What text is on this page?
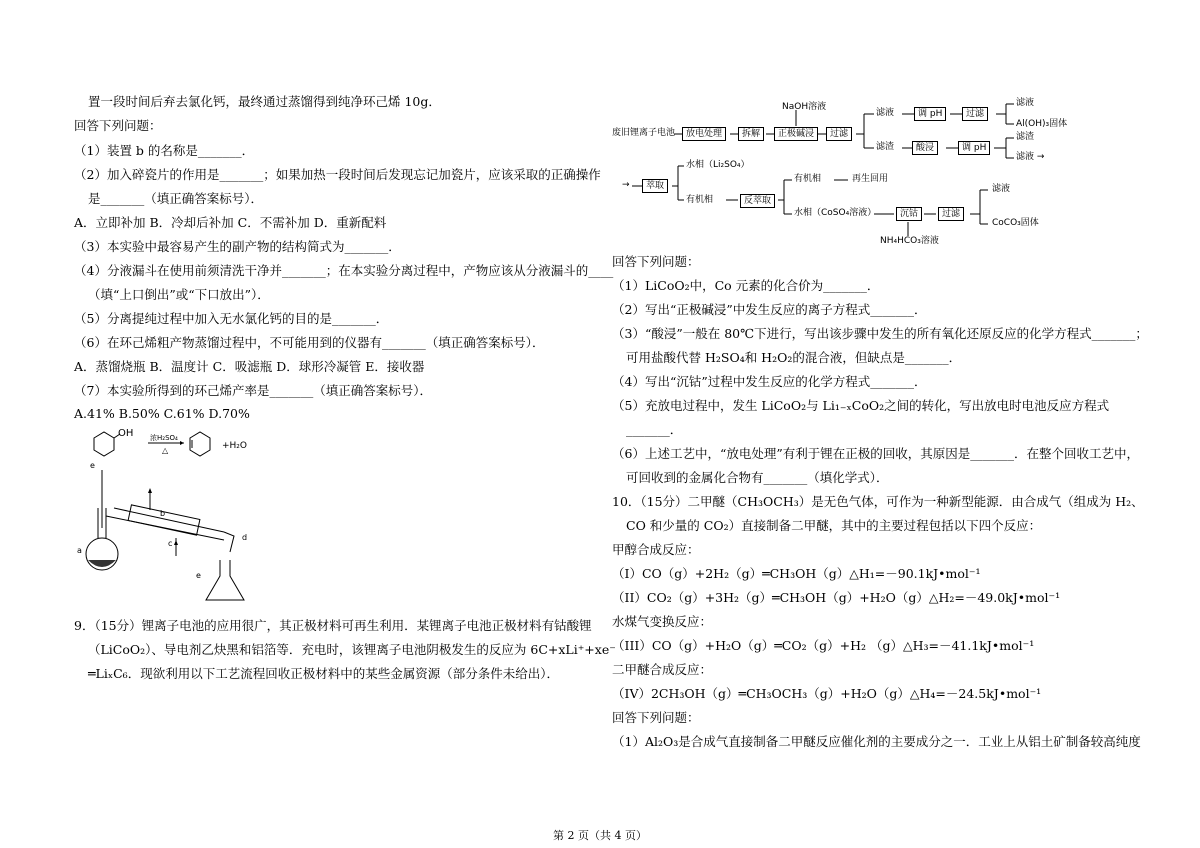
置一段时间后弃去氯化钙，最终通过蒸馏得到纯净环己烯 10g．
回答下列问题：
（1）装置 b 的名称是_______．
（2）加入碎瓷片的作用是_______；如果加热一段时间后发现忘记加瓷片，应该采取的正确操作
是_______（填正确答案标号）．
A．立即补加 B．冷却后补加 C．不需补加 D．重新配料
（3）本实验中最容易产生的副产物的结构简式为_______．
（4）分液漏斗在使用前须清洗干净并_______；在本实验分离过程中，产物应该从分液漏斗的____
（填“上口倒出”或“下口放出”）．
（5）分离提纯过程中加入无水氯化钙的目的是_______．
（6）在环己烯粗产物蒸馏过程中，不可能用到的仪器有_______（填正确答案标号）．
A．蒸馏烧瓶 B．温度计 C．吸滤瓶 D．球形冷凝管 E．接收器
（7）本实验所得到的环己烯产率是_______（填正确答案标号）．
A.41% B.50% C.61% D.70%
OH 浓H₂SO₄
△	+H₂O
a
e
b
c
d
e
9．（15分）锂离子电池的应用很广，其正极材料可再生利用．某锂离子电池正极材料有钴酸锂
（LiCoO₂）、导电剂乙炔黑和铝箔等．充电时，该锂离子电池阴极发生的反应为 6C+xLi⁺+xe⁻
═LiₓC₆．现欲利用以下工艺流程回收正极材料中的某些金属资源（部分条件未给出）．
NaOH溶液
废旧锂离子电池	放电处理	拆解	正极碱浸	过滤
滤液	调 pH	过滤
滤液
Al(OH)₃固体
滤渣	酸浸	调 pH
滤渣
滤液 →
→	萃取
水相（Li₂SO₄）
有机相	反萃取
有机相	再生回用
水相（CoSO₄溶液）	沉钴	过滤
滤液
CoCO₃固体
NH₄HCO₃溶液
回答下列问题：
（1）LiCoO₂中，Co 元素的化合价为_______．
（2）写出“正极碱浸”中发生反应的离子方程式_______．
（3）“酸浸”一般在 80℃下进行，写出该步骤中发生的所有氧化还原反应的化学方程式_______；
可用盐酸代替 H₂SO₄和 H₂O₂的混合液，但缺点是_______．
（4）写出“沉钴”过程中发生反应的化学方程式_______．
（5）充放电过程中，发生 LiCoO₂与 Li₁₋ₓCoO₂之间的转化，写出放电时电池反应方程式
_______．
（6）上述工艺中，“放电处理”有利于锂在正极的回收，其原因是_______．在整个回收工艺中，
可回收到的金属化合物有_______（填化学式）．
10．（15分）二甲醚（CH₃OCH₃）是无色气体，可作为一种新型能源．由合成气（组成为 H₂、
CO 和少量的 CO₂）直接制备二甲醚，其中的主要过程包括以下四个反应：
甲醇合成反应：
（I）CO（g）+2H₂（g）═CH₃OH（g）△H₁=－90.1kJ•mol⁻¹
（II）CO₂（g）+3H₂（g）═CH₃OH（g）+H₂O（g）△H₂=－49.0kJ•mol⁻¹
水煤气变换反应：
（III）CO（g）+H₂O（g）═CO₂（g）+H₂ （g）△H₃=－41.1kJ•mol⁻¹
二甲醚合成反应：
（IV）2CH₃OH（g）═CH₃OCH₃（g）+H₂O（g）△H₄=－24.5kJ•mol⁻¹
回答下列问题：
（1）Al₂O₃是合成气直接制备二甲醚反应催化剂的主要成分之一．工业上从铝土矿制备较高纯度
第 2 页（共 4 页）
